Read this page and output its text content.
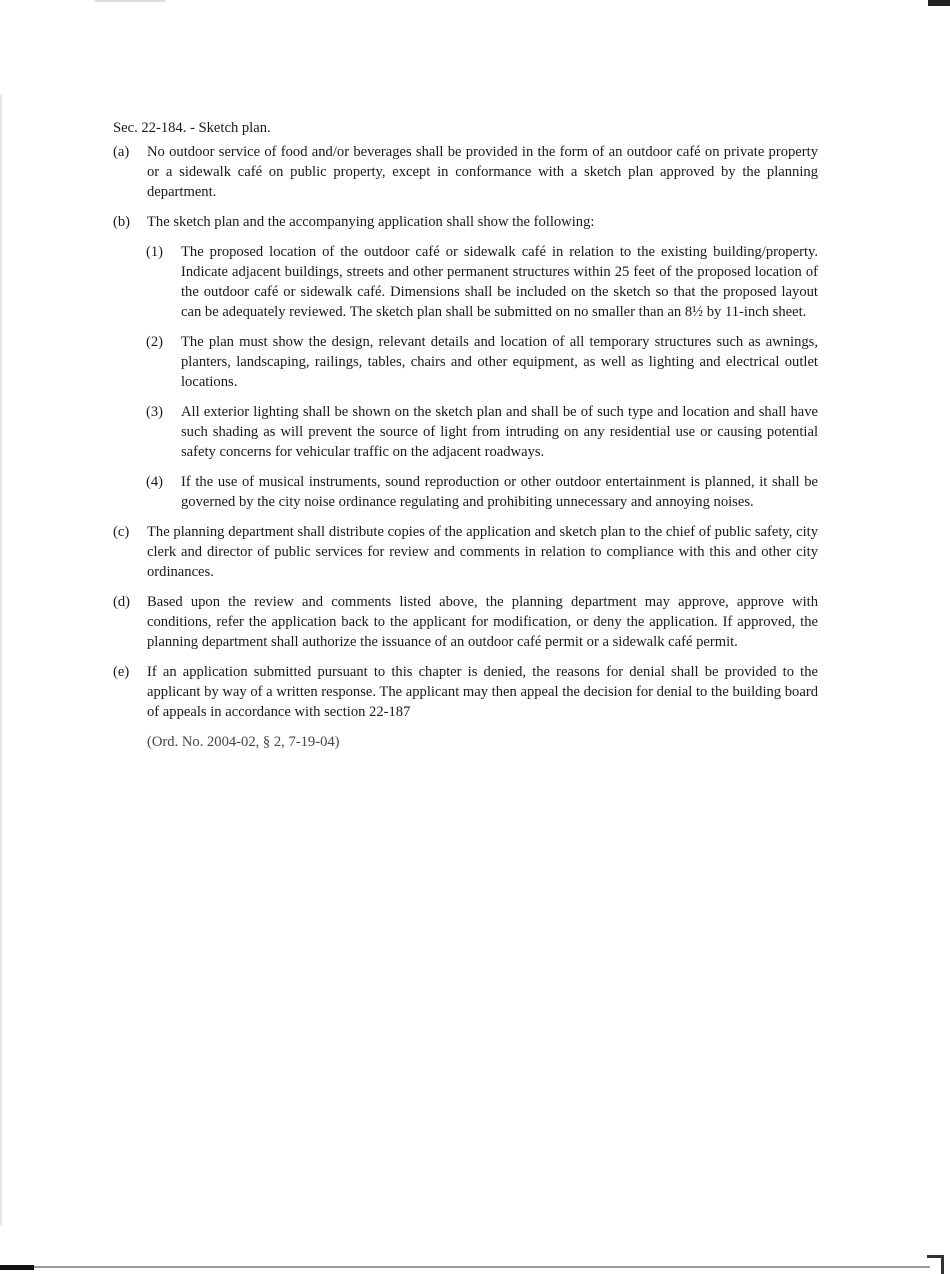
Sec. 22-184. - Sketch plan.
(a) No outdoor service of food and/or beverages shall be provided in the form of an outdoor café on private property or a sidewalk café on public property, except in conformance with a sketch plan approved by the planning department.
(b) The sketch plan and the accompanying application shall show the following:
(1) The proposed location of the outdoor café or sidewalk café in relation to the existing building/property. Indicate adjacent buildings, streets and other permanent structures within 25 feet of the proposed location of the outdoor café or sidewalk café. Dimensions shall be included on the sketch so that the proposed layout can be adequately reviewed. The sketch plan shall be submitted on no smaller than an 8½ by 11-inch sheet.
(2) The plan must show the design, relevant details and location of all temporary structures such as awnings, planters, landscaping, railings, tables, chairs and other equipment, as well as lighting and electrical outlet locations.
(3) All exterior lighting shall be shown on the sketch plan and shall be of such type and location and shall have such shading as will prevent the source of light from intruding on any residential use or causing potential safety concerns for vehicular traffic on the adjacent roadways.
(4) If the use of musical instruments, sound reproduction or other outdoor entertainment is planned, it shall be governed by the city noise ordinance regulating and prohibiting unnecessary and annoying noises.
(c) The planning department shall distribute copies of the application and sketch plan to the chief of public safety, city clerk and director of public services for review and comments in relation to compliance with this and other city ordinances.
(d) Based upon the review and comments listed above, the planning department may approve, approve with conditions, refer the application back to the applicant for modification, or deny the application. If approved, the planning department shall authorize the issuance of an outdoor café permit or a sidewalk café permit.
(e) If an application submitted pursuant to this chapter is denied, the reasons for denial shall be provided to the applicant by way of a written response. The applicant may then appeal the decision for denial to the building board of appeals in accordance with section 22-187
(Ord. No. 2004-02, § 2, 7-19-04)
